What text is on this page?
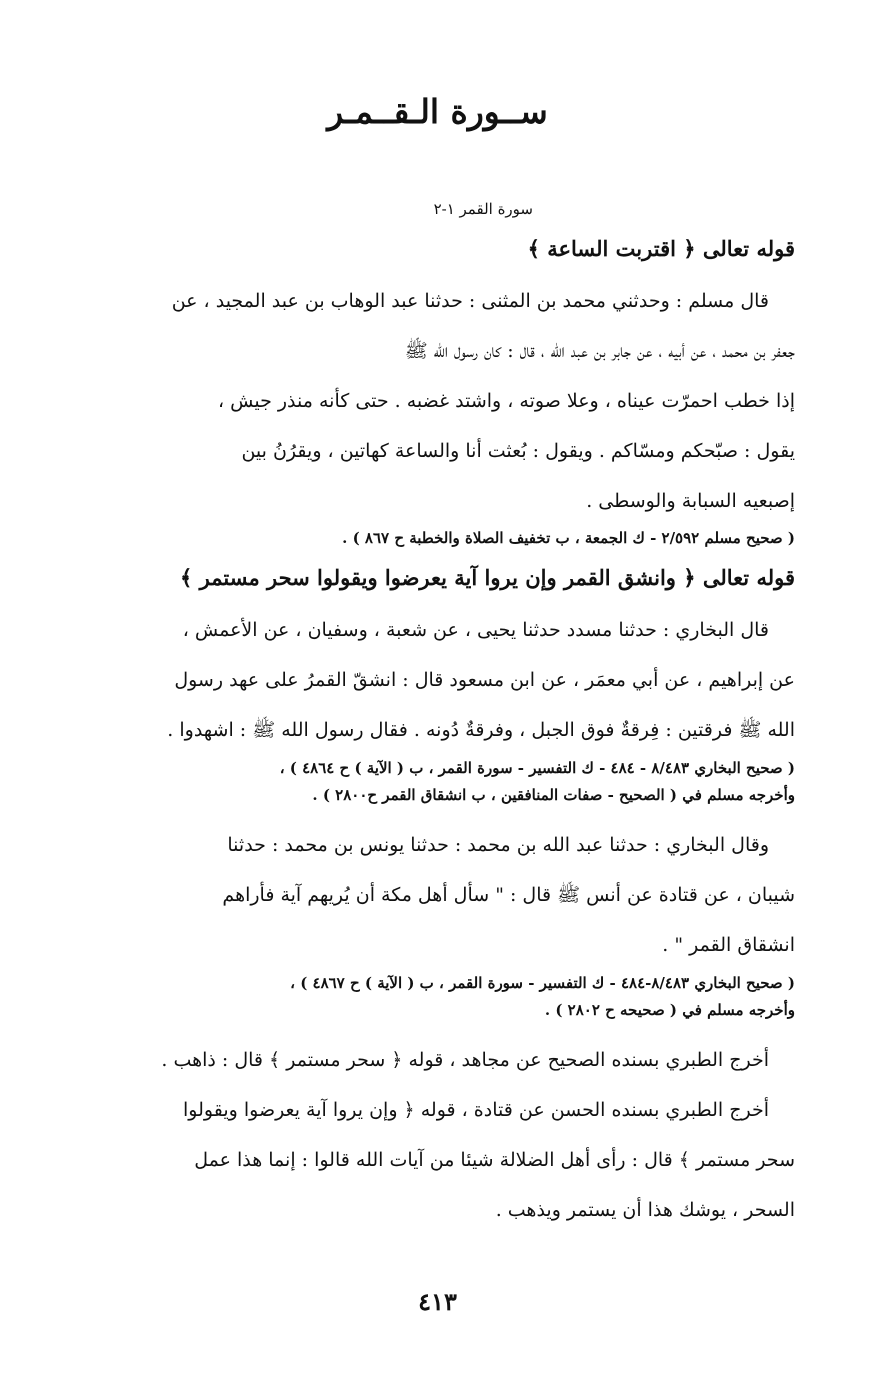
ســورة الـقــمـر
سورة القمر ١-٢
قوله تعالى ﴿ اقتربت الساعة ﴾
قال مسلم : وحدثني محمد بن المثنى : حدثنا عبد الوهاب بن عبد المجيد ، عن
جعفر بن محمد ، عن أبيه ، عن جابر بن عبد الله ، قال : كان رسول الله ﷺ
إذا خطب احمرّت عيناه ، وعلا صوته ، واشتد غضبه . حتى كأنه منذر جيش ،
يقول : صبّحكم ومسّاكم . ويقول : بُعثت أنا والساعة كهاتين ، ويقرُنُ بين
إصبعيه السبابة والوسطى .
( صحيح مسلم ٢/٥٩٢ - ك الجمعة ، ب تخفيف الصلاة والخطبة ح ٨٦٧ ) .
قوله تعالى ﴿ وانشق القمر وإن يروا آية يعرضوا ويقولوا سحر مستمر ﴾
قال البخاري : حدثنا مسدد حدثنا يحيى ، عن شعبة ، وسفيان ، عن الأعمش ،
عن إبراهيم ، عن أبي معمَر ، عن ابن مسعود قال : انشقّ القمرُ على عهد رسول
الله ﷺ فرقتين : فِرقةٌ فوق الجبل ، وفرقةٌ دُونه . فقال رسول الله ﷺ : اشهدوا .
( صحيح البخاري ٨/٤٨٣ - ٤٨٤ - ك التفسير - سورة القمر ، ب ( الآية ) ح ٤٨٦٤ ) ،
وأخرجه مسلم في ( الصحيح - صفات المنافقين ، ب انشقاق القمر ح٢٨٠٠ ) .
وقال البخاري : حدثنا عبد الله بن محمد : حدثنا يونس بن محمد : حدثنا
شيبان ، عن قتادة عن أنس ﷺ قال : " سأل أهل مكة أن يُريهم آية فأراهم
انشقاق القمر " .
( صحيح البخاري ٨/٤٨٣-٤٨٤ - ك التفسير - سورة القمر ، ب ( الآية ) ح ٤٨٦٧ ) ،
وأخرجه مسلم في ( صحيحه ح ٢٨٠٢ ) .
أخرج الطبري بسنده الصحيح عن مجاهد ، قوله ﴿ سحر مستمر ﴾ قال : ذاهب .
أخرج الطبري بسنده الحسن عن قتادة ، قوله ﴿ وإن يروا آية يعرضوا ويقولوا
سحر مستمر ﴾ قال : رأى أهل الضلالة شيئا من آيات الله قالوا : إنما هذا عمل
السحر ، يوشك هذا أن يستمر ويذهب .
٤١٣
